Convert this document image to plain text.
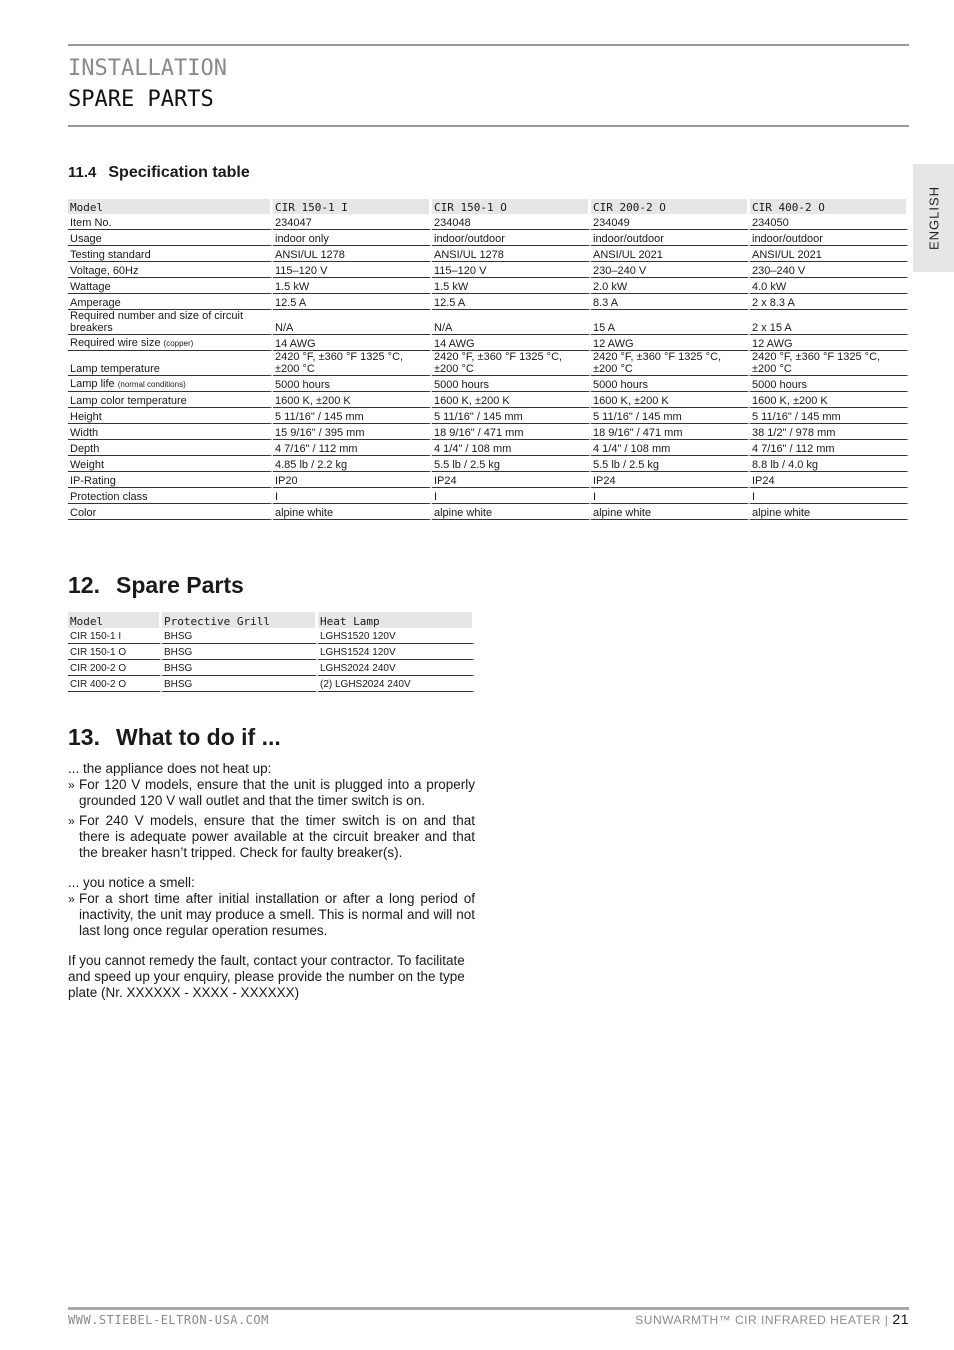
INSTALLATION
SPARE PARTS
ENGLISH
11.4 Specification table
Model	CIR 150-1 I	CIR 150-1 O	CIR 200-2 O	CIR 400-2 O
Item No.	234047	234048	234049	234050
Usage	indoor only	indoor/outdoor	indoor/outdoor	indoor/outdoor
Testing standard	ANSI/UL 1278	ANSI/UL 1278	ANSI/UL 2021	ANSI/UL 2021
Voltage, 60Hz	115–120 V	115–120 V	230–240 V	230–240 V
Wattage	1.5 kW	1.5 kW	2.0 kW	4.0 kW
Amperage	12.5 A	12.5 A	8.3 A	2 x 8.3 A
Required number and size of circuit breakers	N/A	N/A	15 A	2 x 15 A
Required wire size (copper)	14 AWG	14 AWG	12 AWG	12 AWG
Lamp temperature	2420 °F, ±360 °F 1325 °C, ±200 °C	2420 °F, ±360 °F 1325 °C, ±200 °C	2420 °F, ±360 °F 1325 °C, ±200 °C	2420 °F, ±360 °F 1325 °C, ±200 °C
Lamp life (normal conditions)	5000 hours	5000 hours	5000 hours	5000 hours
Lamp color temperature	1600 K, ±200 K	1600 K, ±200 K	1600 K, ±200 K	1600 K, ±200 K
Height	5 11/16" / 145 mm	5 11/16" / 145 mm	5 11/16" / 145 mm	5 11/16" / 145 mm
Width	15 9/16" / 395 mm	18 9/16" / 471 mm	18 9/16" / 471 mm	38 1/2" / 978 mm
Depth	4 7/16" / 112 mm	4 1/4" / 108 mm	4 1/4" / 108 mm	4 7/16" / 112 mm
Weight	4.85 lb / 2.2 kg	5.5 lb / 2.5 kg	5.5 lb / 2.5 kg	8.8 lb / 4.0 kg
IP-Rating	IP20	IP24	IP24	IP24
Protection class	I	I	I	I
Color	alpine white	alpine white	alpine white	alpine white
12. Spare Parts
Model	Protective Grill	Heat Lamp
CIR 150-1 I	BHSG	LGHS1520 120V
CIR 150-1 O	BHSG	LGHS1524 120V
CIR 200-2 O	BHSG	LGHS2024 240V
CIR 400-2 O	BHSG	(2) LGHS2024 240V
13. What to do if ...
... the appliance does not heat up:
» For 120 V models, ensure that the unit is plugged into a properly grounded 120 V wall outlet and that the timer switch is on.
» For 240 V models, ensure that the timer switch is on and that there is adequate power available at the circuit breaker and that the breaker hasn’t tripped. Check for faulty breaker(s).
... you notice a smell:
» For a short time after initial installation or after a long period of inactivity, the unit may produce a smell. This is normal and will not last long once regular operation resumes.
If you cannot remedy the fault, contact your contractor. To facilitate and speed up your enquiry, please provide the number on the type plate (Nr. XXXXXX - XXXX - XXXXXX)
WWW.STIEBEL-ELTRON-USA.COM	SUNWARMTH™ CIR INFRARED HEATER | 21
